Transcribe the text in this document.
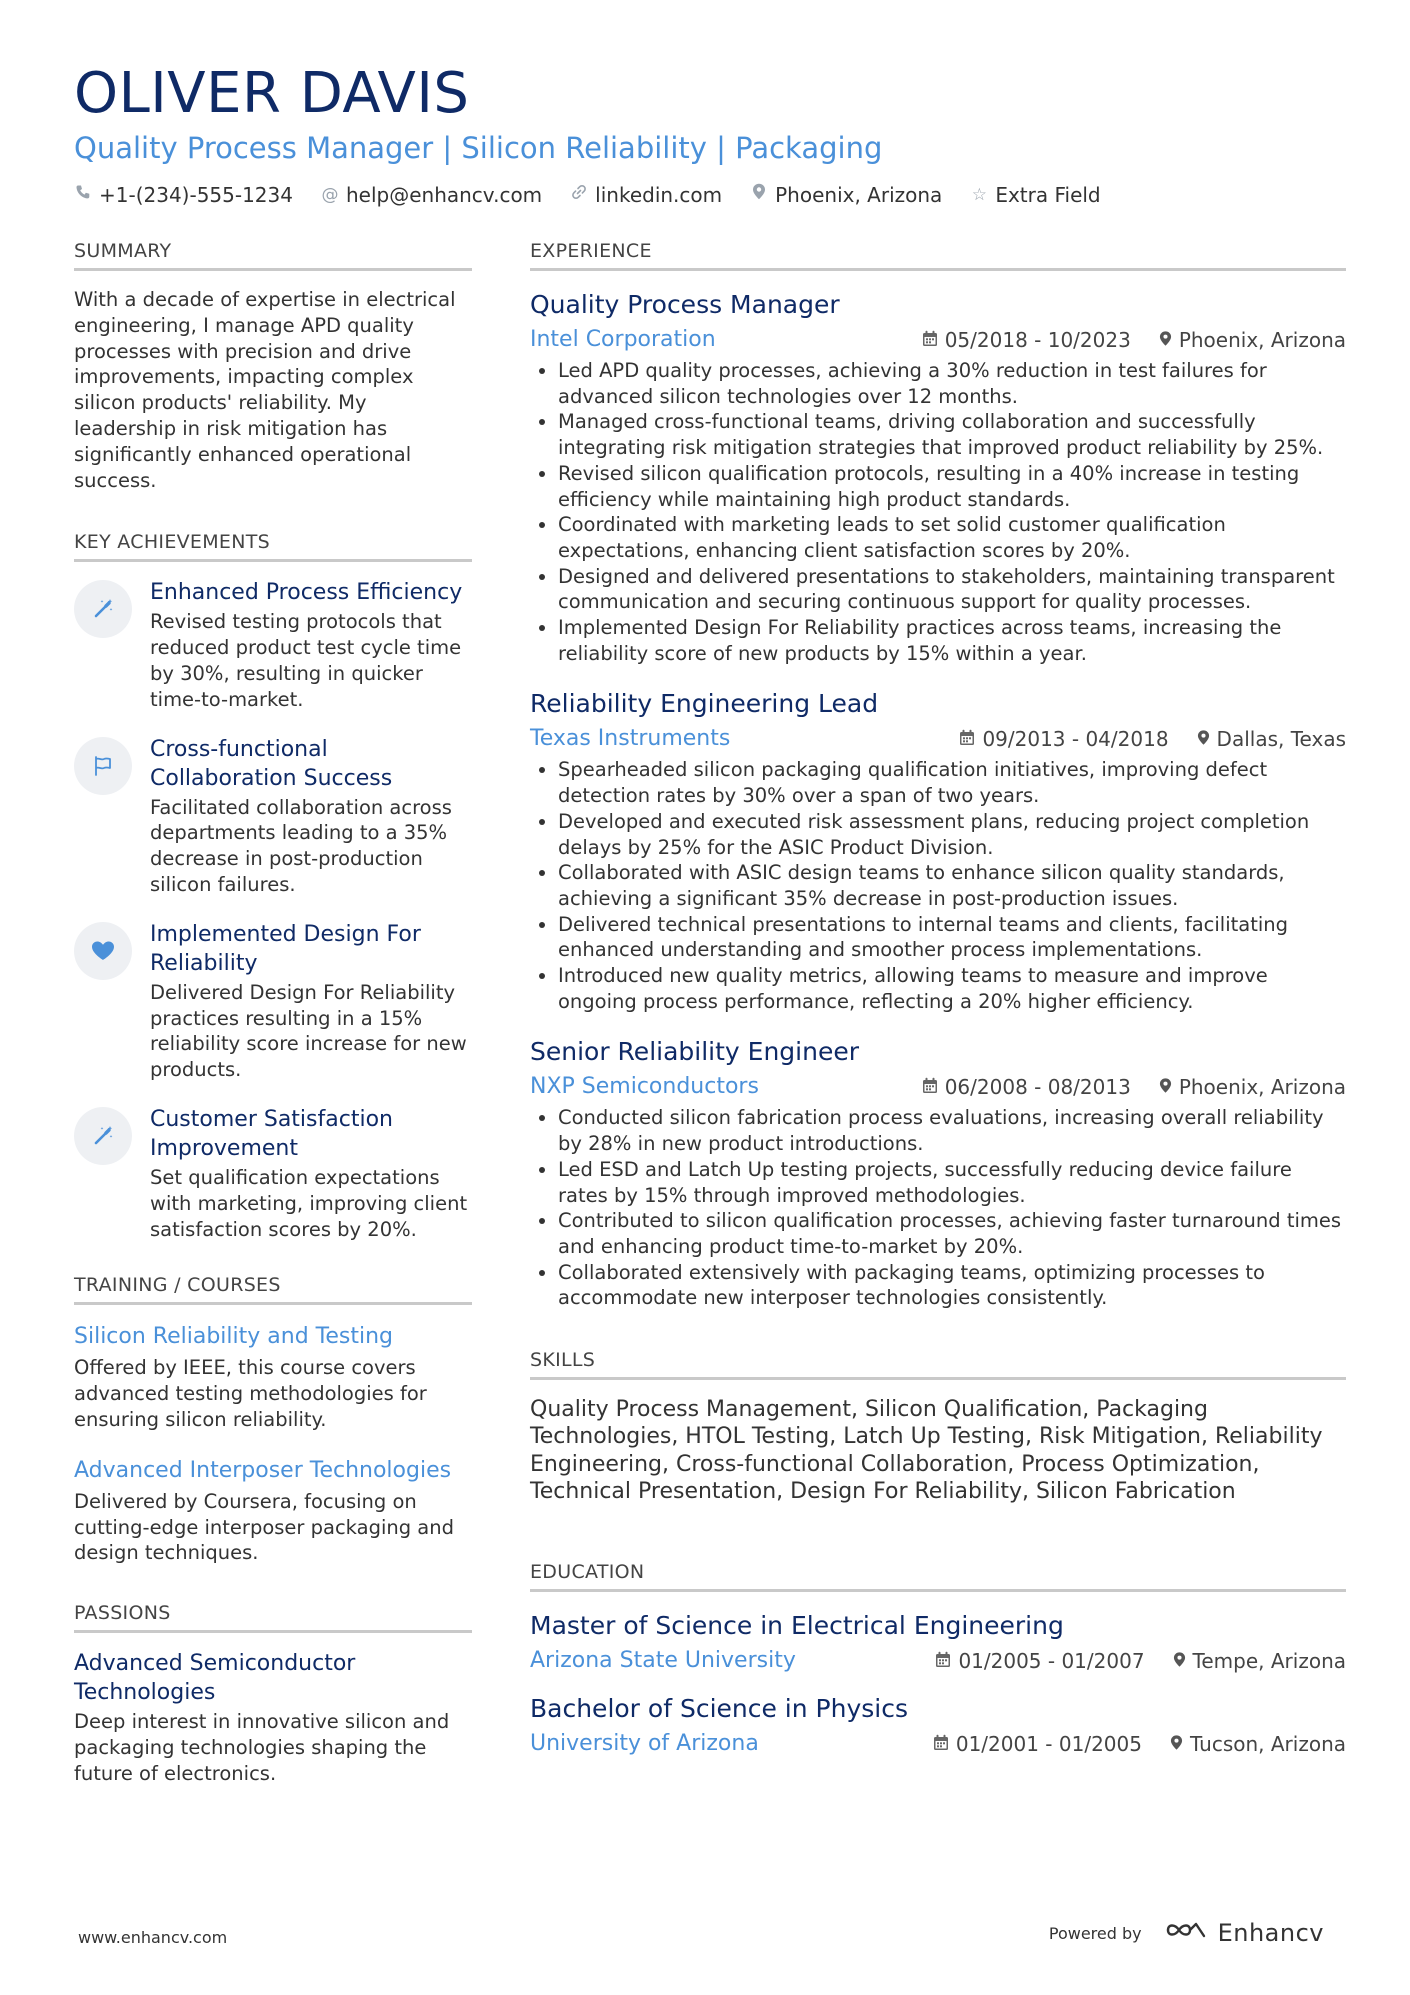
OLIVER DAVIS
Quality Process Manager | Silicon Reliability | Packaging
+1-(234)-555-1234 @ help@enhancv.com	linkedin.com	Phoenix, Arizona ☆ Extra Field
SUMMARY
With a decade of expertise in electrical engineering, I manage APD quality processes with precision and drive improvements, impacting complex silicon products' reliability. My leadership in risk mitigation has significantly enhanced operational success.
KEY ACHIEVEMENTS
Enhanced Process Efficiency
Revised testing protocols that reduced product test cycle time by 30%, resulting in quicker time-to-market.
Cross-functional Collaboration Success
Facilitated collaboration across departments leading to a 35% decrease in post-production silicon failures.
Implemented Design For Reliability
Delivered Design For Reliability practices resulting in a 15% reliability score increase for new products.
Customer Satisfaction Improvement
Set qualification expectations with marketing, improving client satisfaction scores by 20%.
TRAINING / COURSES
Silicon Reliability and Testing
Offered by IEEE, this course covers advanced testing methodologies for ensuring silicon reliability.
Advanced Interposer Technologies
Delivered by Coursera, focusing on cutting-edge interposer packaging and design techniques.
PASSIONS
Advanced Semiconductor Technologies
Deep interest in innovative silicon and packaging technologies shaping the future of electronics.
EXPERIENCE
Quality Process Manager
Intel Corporation	05/2018 - 10/2023 Phoenix, Arizona
• Led APD quality processes, achieving a 30% reduction in test failures for advanced silicon technologies over 12 months.
• Managed cross-functional teams, driving collaboration and successfully integrating risk mitigation strategies that improved product reliability by 25%.
• Revised silicon qualification protocols, resulting in a 40% increase in testing efficiency while maintaining high product standards.
• Coordinated with marketing leads to set solid customer qualification expectations, enhancing client satisfaction scores by 20%.
• Designed and delivered presentations to stakeholders, maintaining transparent communication and securing continuous support for quality processes.
• Implemented Design For Reliability practices across teams, increasing the reliability score of new products by 15% within a year.
Reliability Engineering Lead
Texas Instruments	09/2013 - 04/2018 Dallas, Texas
• Spearheaded silicon packaging qualification initiatives, improving defect detection rates by 30% over a span of two years.
• Developed and executed risk assessment plans, reducing project completion delays by 25% for the ASIC Product Division.
• Collaborated with ASIC design teams to enhance silicon quality standards, achieving a significant 35% decrease in post-production issues.
• Delivered technical presentations to internal teams and clients, facilitating enhanced understanding and smoother process implementations.
• Introduced new quality metrics, allowing teams to measure and improve ongoing process performance, reflecting a 20% higher efficiency.
Senior Reliability Engineer
NXP Semiconductors	06/2008 - 08/2013 Phoenix, Arizona
• Conducted silicon fabrication process evaluations, increasing overall reliability by 28% in new product introductions.
• Led ESD and Latch Up testing projects, successfully reducing device failure rates by 15% through improved methodologies.
• Contributed to silicon qualification processes, achieving faster turnaround times and enhancing product time-to-market by 20%.
• Collaborated extensively with packaging teams, optimizing processes to accommodate new interposer technologies consistently.
SKILLS
Quality Process Management, Silicon Qualification, Packaging Technologies, HTOL Testing, Latch Up Testing, Risk Mitigation, Reliability Engineering, Cross-functional Collaboration, Process Optimization, Technical Presentation, Design For Reliability, Silicon Fabrication
EDUCATION
Master of Science in Electrical Engineering
Arizona State University	01/2005 - 01/2007 Tempe, Arizona
Bachelor of Science in Physics
University of Arizona	01/2001 - 01/2005 Tucson, Arizona
www.enhancv.com	Powered by	Enhancv
